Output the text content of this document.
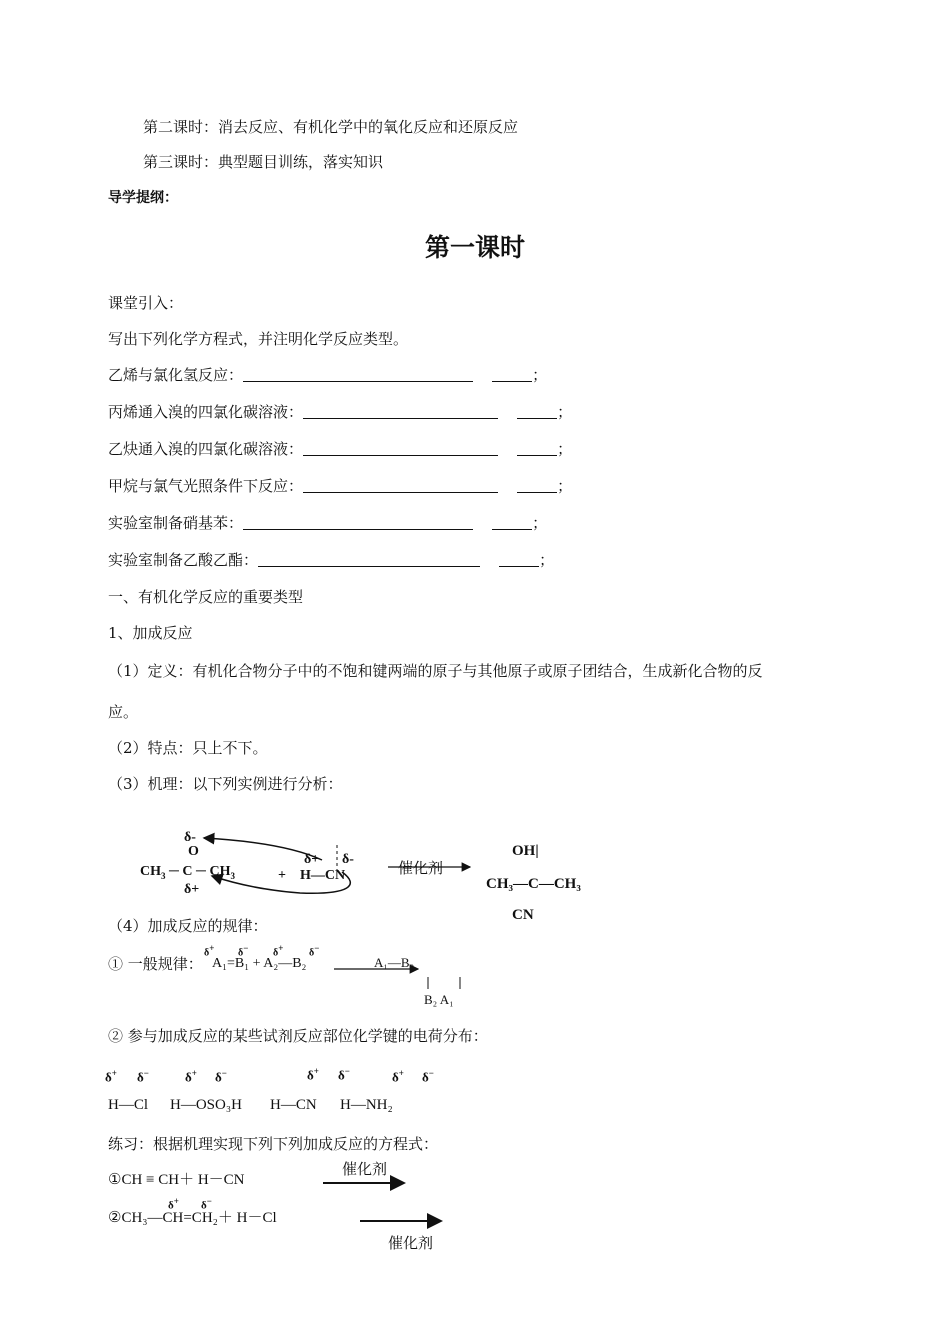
第二课时：消去反应、有机化学中的氧化反应和还原反应
第三课时：典型题目训练，落实知识
导学提纲：
第一课时
课堂引入：
写出下列化学方程式，并注明化学反应类型。
乙烯与氯化氢反应：	；
丙烯通入溴的四氯化碳溶液：	；
乙炔通入溴的四氯化碳溶液：	；
甲烷与氯气光照条件下反应：	；
实验室制备硝基苯：	；
实验室制备乙酸乙酯：	；
一、有机化学反应的重要类型
1、加成反应
（1）定义：有机化合物分子中的不饱和键两端的原子与其他原子或原子团结合，生成新化合物的反
应。
（2）特点：只上不下。
（3）机理：以下列实例进行分析：
δ-
O
$CH_3$ ─ C ─ $CH_3$
δ+
+
δ+ δ-
H—CN	催化剂
OH|
CH₃—C—CH₃
CN
（4）加成反应的规律：
① 一般规律：
δ+ δ− δ+	δ−
A₁=B₁ + A₂—B₂	A₁—B₂
B₂ A₁
② 参与加成反应的某些试剂反应部位化学键的电荷分布：
δ+ δ−	δ+ δ−	δ+ δ−	δ+ δ−
H—Cl H—OSO₃H H—CN H—NH₂
练习：根据机理实现下列下列加成反应的方程式：
催化剂
①CH ≡ CH＋ H－CN
δ+ δ−
②CH₃—CH=CH₂＋ H－Cl
催化剂
